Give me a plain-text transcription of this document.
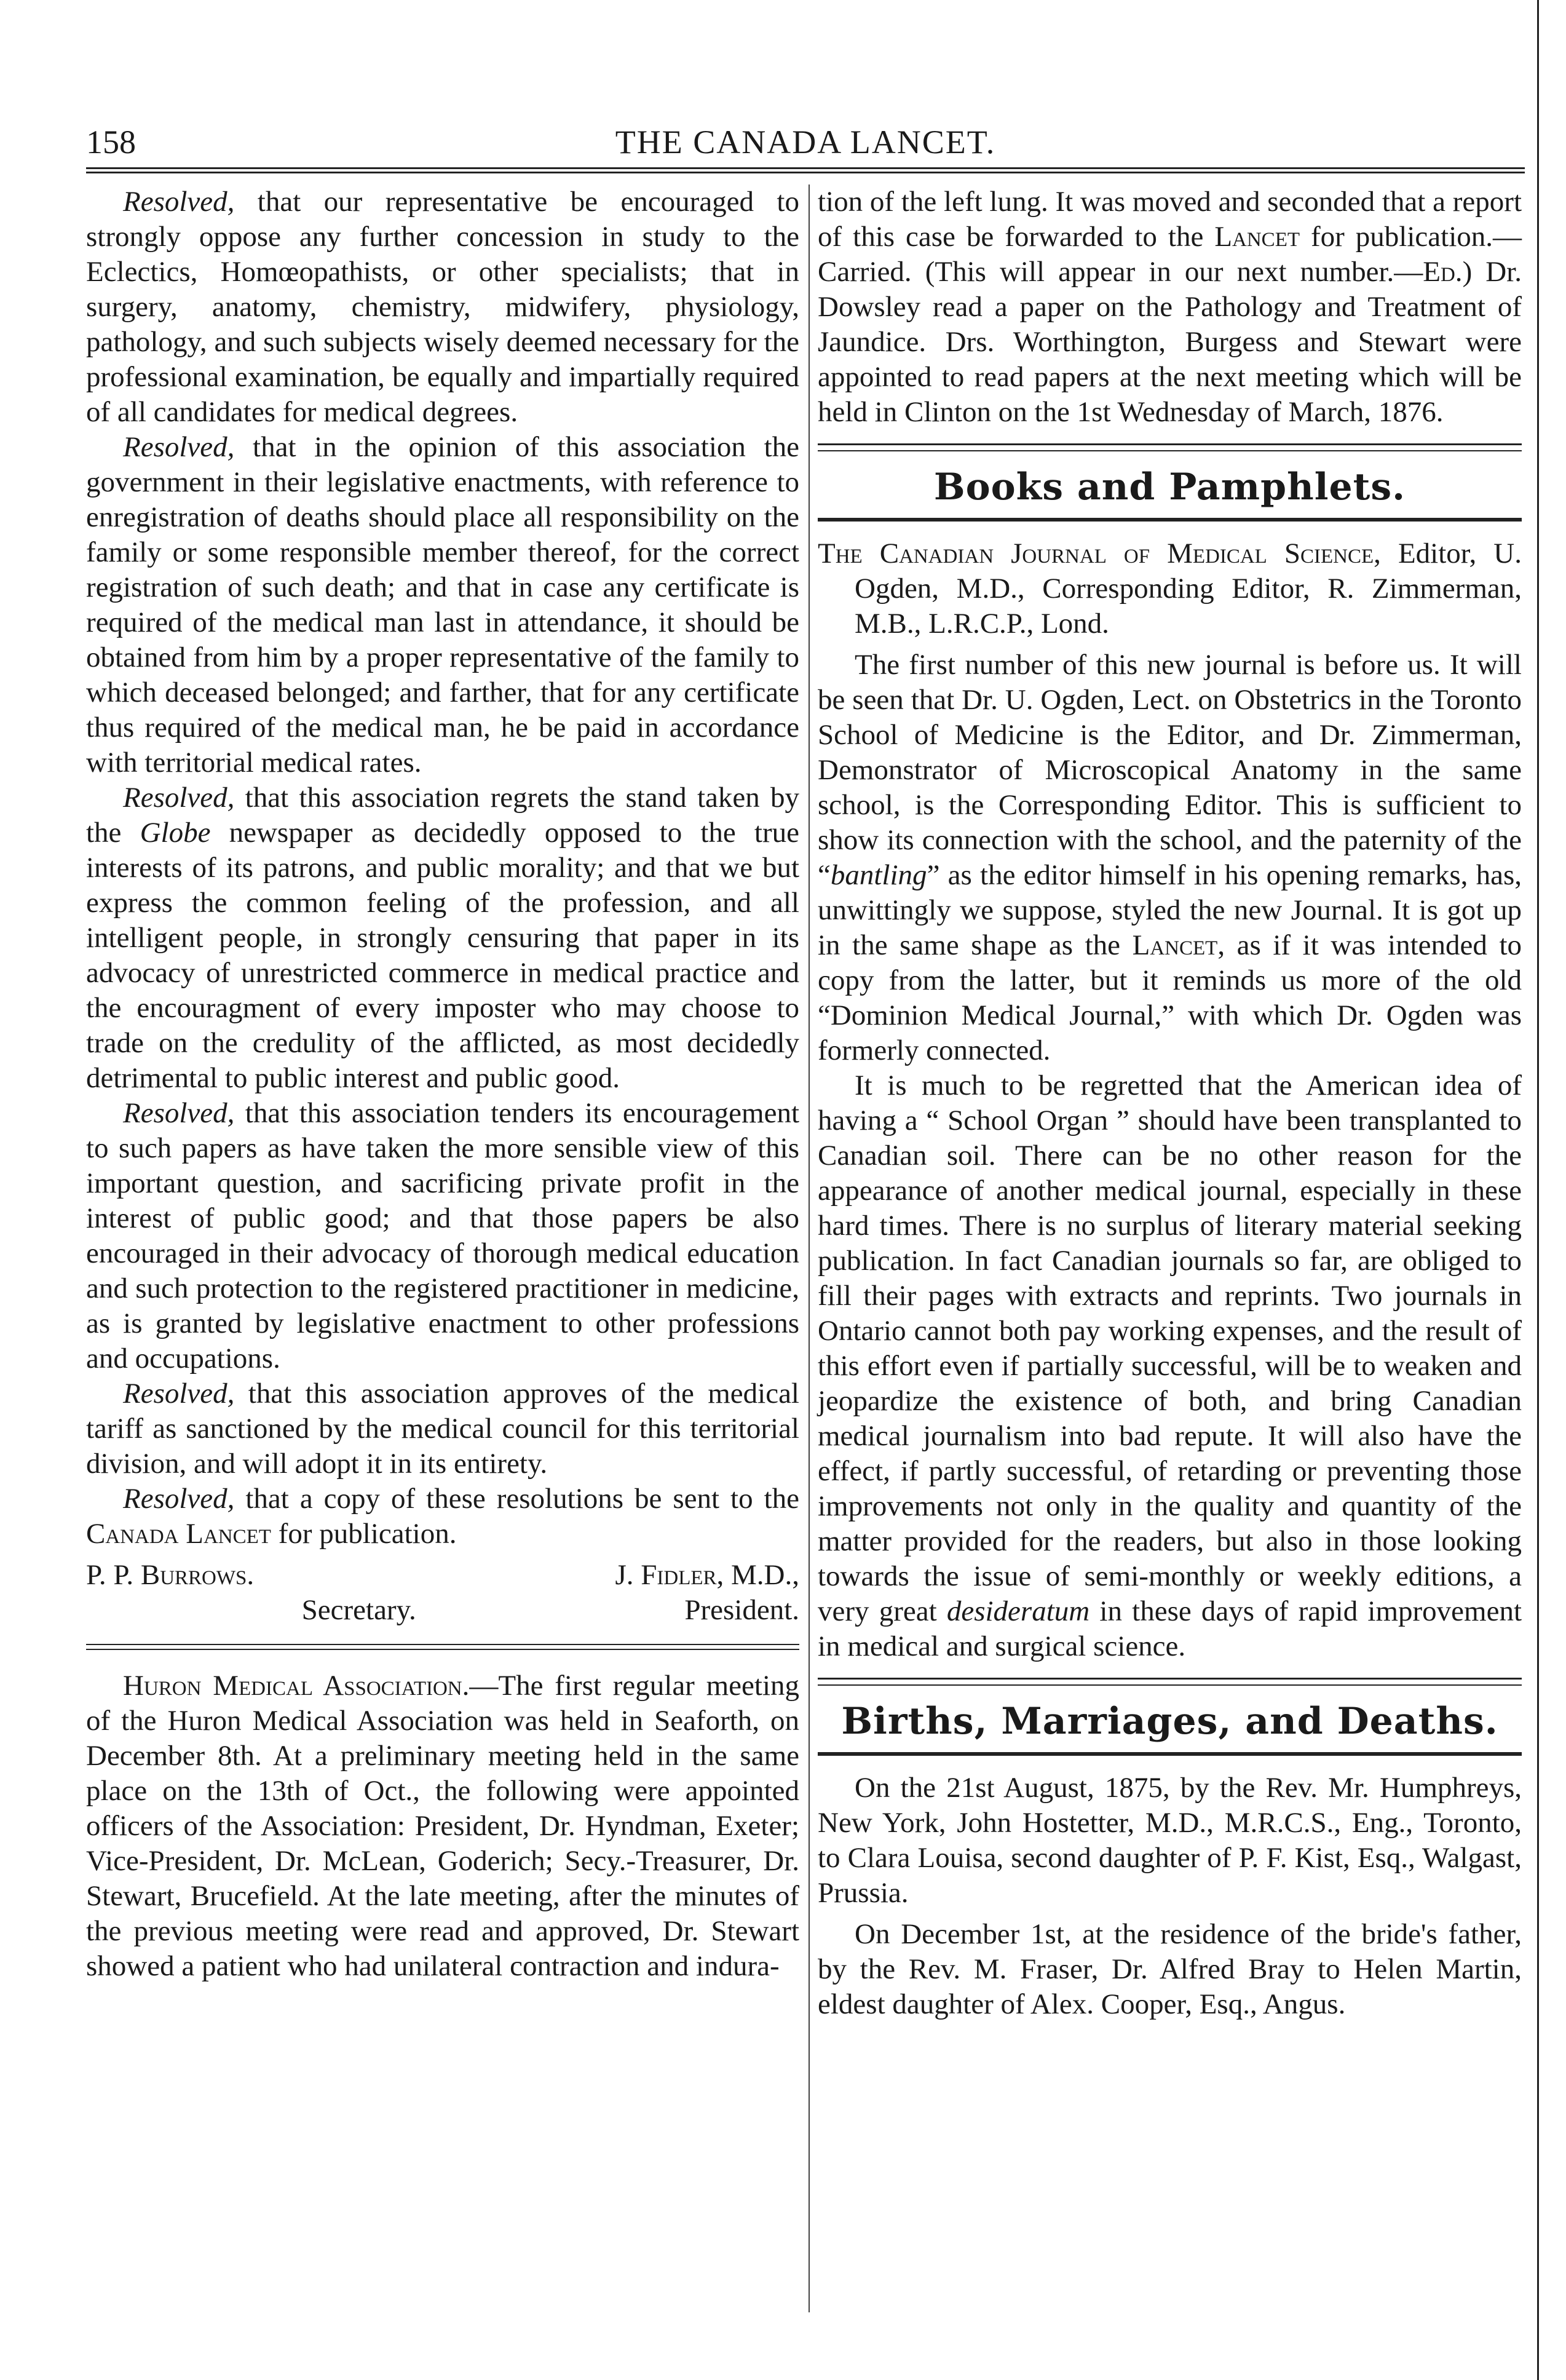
THE CANADA LANCET.
158

Resolved, that our representative be encouraged to strongly oppose any further concession in study to the Eclectics, Homœopathists, or other specialists; that in surgery, anatomy, chemistry, midwifery, physiology, pathology, and such subjects wisely deemed necessary for the professional examination, be equally and impartially required of all candidates for medical degrees.

Resolved, that in the opinion of this association the government in their legislative enactments, with reference to enregistration of deaths should place all responsibility on the family or some responsible member thereof, for the correct registration of such death; and that in case any certificate is required of the medical man last in attendance, it should be obtained from him by a proper representative of the family to which deceased belonged; and farther, that for any certificate thus required of the medical man, he be paid in accordance with territorial medical rates.

Resolved, that this association regrets the stand taken by the Globe newspaper as decidedly opposed to the true interests of its patrons, and public morality; and that we but express the common feeling of the profession, and all intelligent people, in strongly censuring that paper in its advocacy of unrestricted commerce in medical practice and the encouragment of every imposter who may choose to trade on the credulity of the afflicted, as most decidedly detrimental to public interest and public good.

Resolved, that this association tenders its encouragement to such papers as have taken the more sensible view of this important question, and sacrificing private profit in the interest of public good; and that those papers be also encouraged in their advocacy of thorough medical education and such protection to the registered practitioner in medicine, as is granted by legislative enactment to other professions and occupations.

Resolved, that this association approves of the medical tariff as sanctioned by the medical council for this territorial division, and will adopt it in its entirety.

Resolved, that a copy of these resolutions be sent to the Canada Lancet for publication.

P. P. Burrows.
Secretary.
J. Fidler, M.D.,
President.

Huron Medical Association.—The first regular meeting of the Huron Medical Association was held in Seaforth, on December 8th. At a preliminary meeting held in the same place on the 13th of Oct., the following were appointed officers of the Association: President, Dr. Hyndman, Exeter; Vice-President, Dr. McLean, Goderich; Secy.-Treasurer, Dr. Stewart, Brucefield. At the late meeting, after the minutes of the previous meeting were read and approved, Dr. Stewart showed a patient who had unilateral contraction and indura-

tion of the left lung. It was moved and seconded that a report of this case be forwarded to the Lancet for publication.—Carried. (This will appear in our next number.—Ed.) Dr. Dowsley read a paper on the Pathology and Treatment of Jaundice. Drs. Worthington, Burgess and Stewart were appointed to read papers at the next meeting which will be held in Clinton on the 1st Wednesday of March, 1876.

Books and Pamphlets.

The Canadian Journal of Medical Science, Editor, U. Ogden, M.D., Corresponding Editor, R. Zimmerman, M.B., L.R.C.P., Lond.

The first number of this new journal is before us. It will be seen that Dr. U. Ogden, Lect. on Obstetrics in the Toronto School of Medicine is the Editor, and Dr. Zimmerman, Demonstrator of Microscopical Anatomy in the same school, is the Corresponding Editor. This is sufficient to show its connection with the school, and the paternity of the “bantling” as the editor himself in his opening remarks, has, unwittingly we suppose, styled the new Journal. It is got up in the same shape as the Lancet, as if it was intended to copy from the latter, but it reminds us more of the old “Dominion Medical Journal,” with which Dr. Ogden was formerly connected.

It is much to be regretted that the American idea of having a “ School Organ ” should have been transplanted to Canadian soil. There can be no other reason for the appearance of another medical journal, especially in these hard times. There is no surplus of literary material seeking publication. In fact Canadian journals so far, are obliged to fill their pages with extracts and reprints. Two journals in Ontario cannot both pay working expenses, and the result of this effort even if partially successful, will be to weaken and jeopardize the existence of both, and bring Canadian medical journalism into bad repute. It will also have the effect, if partly successful, of retarding or preventing those improvements not only in the quality and quantity of the matter provided for the readers, but also in those looking towards the issue of semi-monthly or weekly editions, a very great desideratum in these days of rapid improvement in medical and surgical science.

Births, Marriages, and Deaths.

On the 21st August, 1875, by the Rev. Mr. Humphreys, New York, John Hostetter, M.D., M.R.C.S., Eng., Toronto, to Clara Louisa, second daughter of P. F. Kist, Esq., Walgast, Prussia.

On December 1st, at the residence of the bride's father, by the Rev. M. Fraser, Dr. Alfred Bray to Helen Martin, eldest daughter of Alex. Cooper, Esq., Angus.
